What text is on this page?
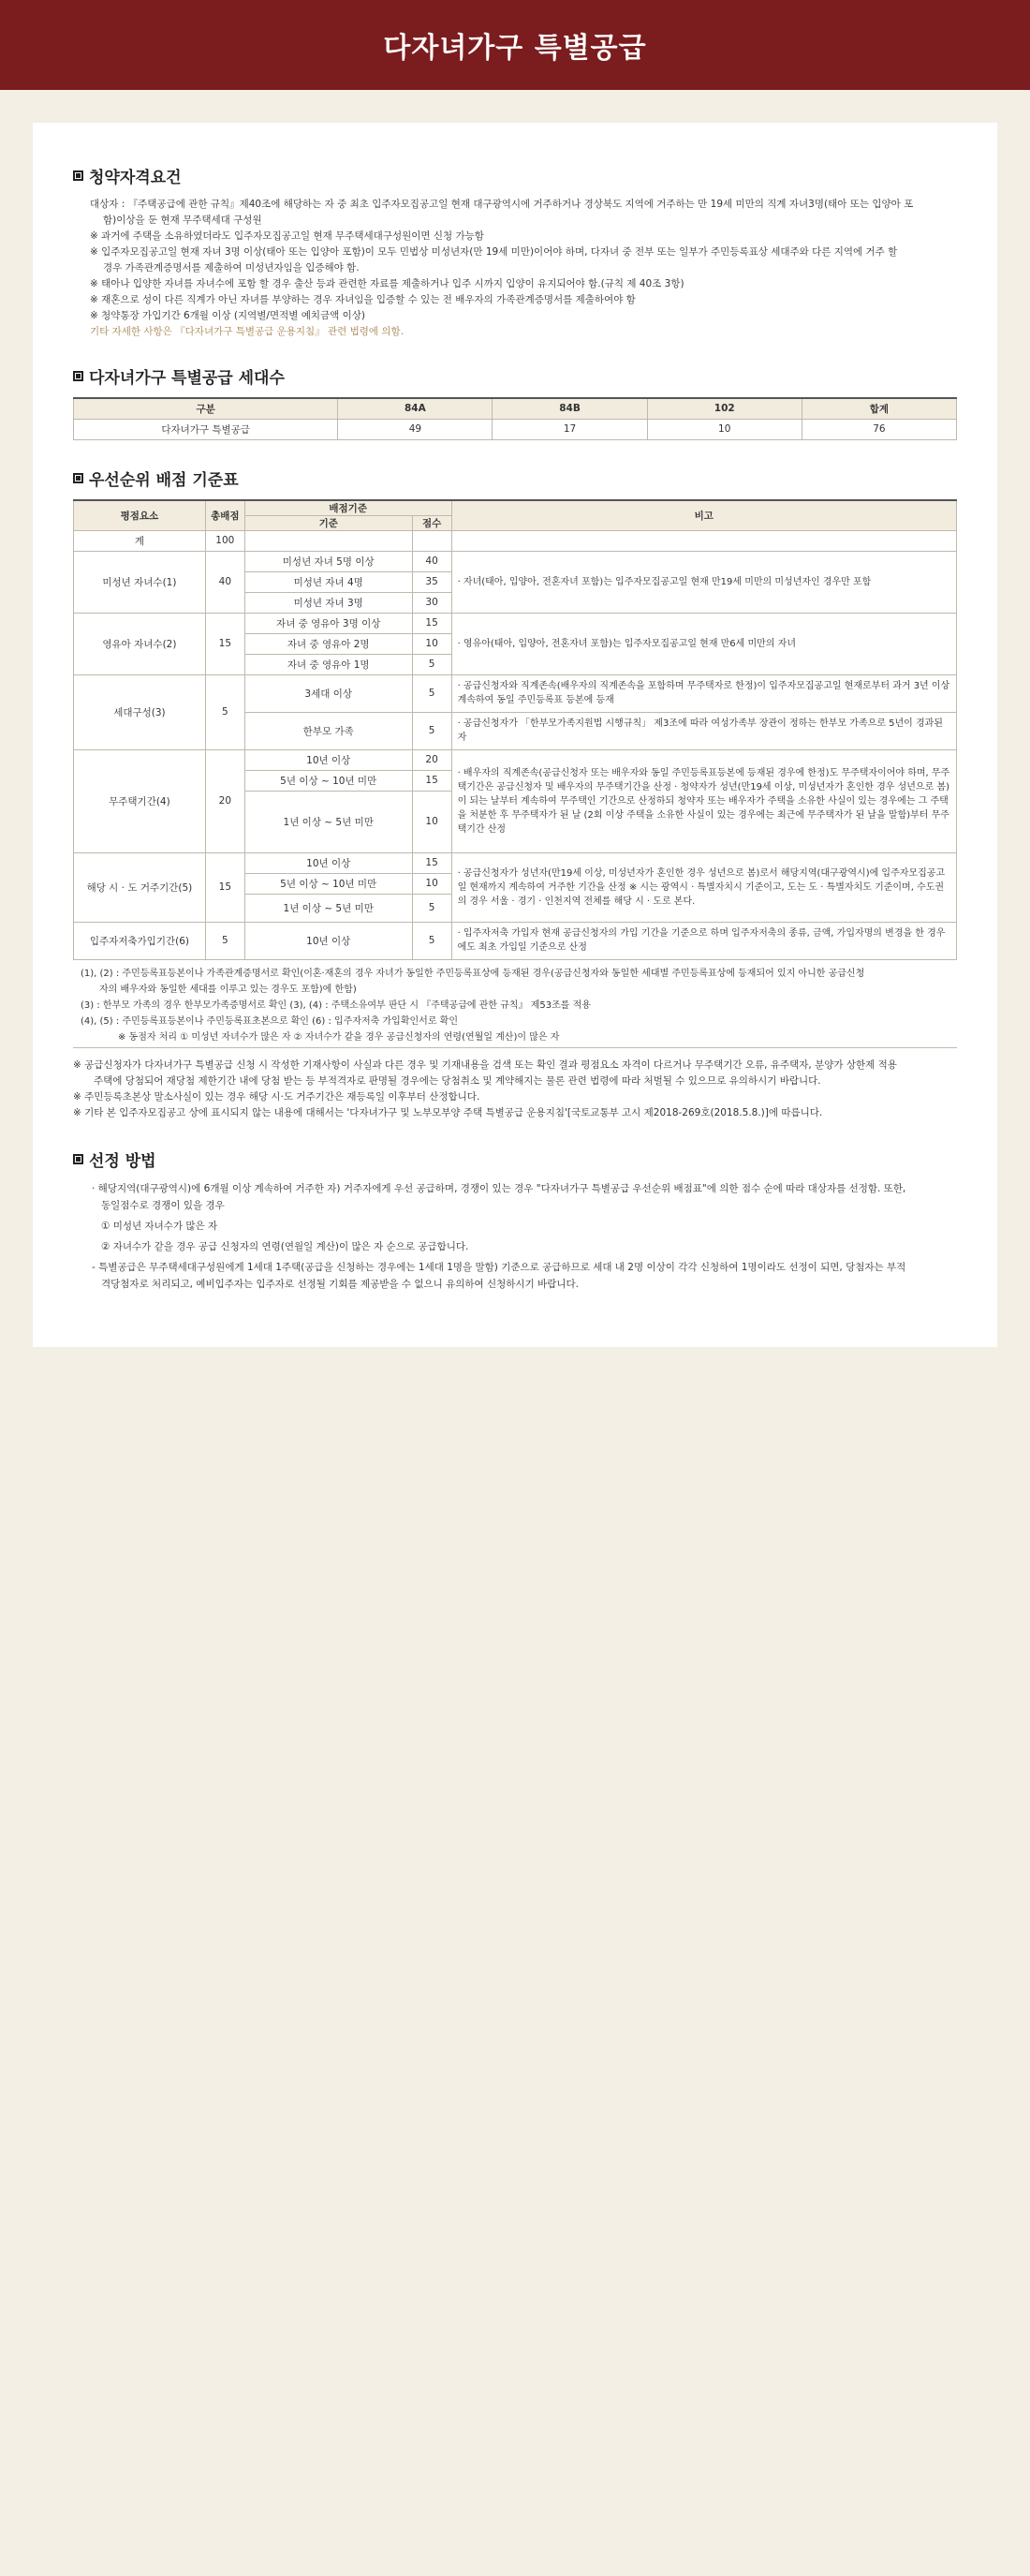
다자녀가구 특별공급
청약자격요건
대상자 : 『주택공급에 관한 규칙』제40조에 해당하는 자 중 최초 입주자모집공고일 현재 대구광역시에 거주하거나 경상북도 지역에 거주하는 만 19세 미만의 직계 자녀3명(태아 또는 입양아 포
함)이상을 둔 현재 무주택세대 구성원
※ 과거에 주택을 소유하였더라도 입주자모집공고일 현재 무주택세대구성원이면 신청 가능함
※ 입주자모집공고일 현재 자녀 3명 이상(태아 또는 입양아 포함)이 모두 민법상 미성년자(만 19세 미만)이어야 하며, 다자녀 중 전부 또는 일부가 주민등록표상 세대주와 다른 지역에 거주 할
경우 가족관계증명서를 제출하여 미성년자임을 입증해야 함.
※ 태아나 입양한 자녀를 자녀수에 포함 할 경우 출산 등과 관련한 자료를 제출하거나 입주 시까지 입양이 유지되어야 함.(규칙 제 40조 3항)
※ 재혼으로 성이 다른 직계가 아닌 자녀를 부양하는 경우 자녀임을 입증할 수 있는 전 배우자의 가족관계증명서를 제출하여야 함
※ 청약통장 가입기간 6개월 이상 (지역별/면적별 예치금액 이상)
기타 자세한 사항은 『다자녀가구 특별공급 운용지침』 관련 법령에 의함.
다자녀가구 특별공급 세대수
구분	84A	84B	102	합계
다자녀가구 특별공급	49	17	10	76
우선순위 배점 기준표
평점요소	총배점	배점기준		비고
		기준	점수	
계	100			
미성년 자녀수(1)	40	미성년 자녀 5명 이상	40	· 자녀(태아, 입양아, 전혼자녀 포함)는 입주자모집공고일 현재 만19세 미만의 미성년자인 경우만 포함
		미성년 자녀 4명	35	
		미성년 자녀 3명	30	
영유아 자녀수(2)	15	자녀 중 영유아 3명 이상	15	· 영유아(태아, 입양아, 전혼자녀 포함)는 입주자모집공고일 현재 만6세 미만의 자녀
		자녀 중 영유아 2명	10	
		자녀 중 영유아 1명	5	
세대구성(3)	5	3세대 이상	5	· 공급신청자와 직계존속(배우자의 직계존속을 포함하며 무주택자로 한정)이 입주자모집공고일 현재로부터 과거 3년 이상 계속하여 동일 주민등록표 등본에 등재
		한부모 가족	5	· 공급신청자가 「한부모가족지원법 시행규칙」 제3조에 따라 여성가족부 장관이 정하는 한부모 가족으로 5년이 경과된 자
무주택기간(4)	20	10년 이상	20	· 배우자의 직계존속(공급신청자 또는 배우자와 동일 주민등록표등본에 등재된 경우에 한정)도 무주택자이어야 하며, 무주택기간은 공급신청자 및 배우자의 무주택기간을 산정 · 청약자가 성년(만19세 이상, 미성년자가 혼인한 경우 성년으로 봄)이 되는 날부터 계속하여 무주택인 기간으로 산정하되 청약자 또는 배우자가 주택을 소유한 사실이 있는 경우에는 그 주택을 처분한 후 무주택자가 된 날 (2회 이상 주택을 소유한 사실이 있는 경우에는 최근에 무주택자가 된 날을 말함)부터 무주택기간 산정
		5년 이상 ~ 10년 미만	15	
		1년 이상 ~ 5년 미만	10	
해당 시 · 도 거주기간(5)	15	10년 이상	15	· 공급신청자가 성년자(만19세 이상, 미성년자가 혼인한 경우 성년으로 봄)로서 해당지역(대구광역시)에 입주자모집공고일 현재까지 계속하여 거주한 기간을 산정 ※ 시는 광역시 · 특별자치시 기준이고, 도는 도 · 특별자치도 기준이며, 수도권의 경우 서울 · 경기 · 인천지역 전체를 해당 시 · 도로 본다.
		5년 이상 ~ 10년 미만	10	
		1년 이상 ~ 5년 미만	5	
입주자저축가입기간(6)	5	10년 이상	5	· 입주자저축 가입자 현재 공급신청자의 가입 기간을 기준으로 하며 입주자저축의 종류, 금액, 가입자명의 변경을 한 경우에도 최초 가입일 기준으로 산정
(1), (2) : 주민등록표등본이나 가족관계증명서로 확인(이혼·재혼의 경우 자녀가 동일한 주민등록표상에 등재된 경우(공급신청자와 동일한 세대별 주민등록표상에 등재되어 있지 아니한 공급신청
자의 배우자와 동일한 세대를 이루고 있는 경우도 포함)에 한함)
(3) : 한부모 가족의 경우 한부모가족증명서로 확인 (3), (4) : 주택소유여부 판단 시 『주택공급에 관한 규칙』 제53조를 적용
(4), (5) : 주민등록표등본이나 주민등록표초본으로 확인 (6) : 입주자저축 가입확인서로 확인
※ 동점자 처리 ① 미성년 자녀수가 많은 자 ② 자녀수가 같을 경우 공급신청자의 연령(연월일 계산)이 많은 자
※ 공급신청자가 다자녀가구 특별공급 신청 시 작성한 기재사항이 사실과 다른 경우 및 기재내용을 검색 또는 확인 결과 평점요소 자격이 다르거나 무주택기간 오류, 유주택자, 분양가 상한제 적용
주택에 당첨되어 재당첨 제한기간 내에 당첨 받는 등 부적격자로 판명될 경우에는 당첨취소 및 계약해지는 물론 관련 법령에 따라 처벌될 수 있으므로 유의하시기 바랍니다.
※ 주민등록초본상 말소사실이 있는 경우 해당 시·도 거주기간은 재등록일 이후부터 산정합니다.
※ 기타 본 입주자모집공고 상에 표시되지 않는 내용에 대해서는 '다자녀가구 및 노부모부양 주택 특별공급 운용지침'[국토교통부 고시 제2018-269호(2018.5.8.)]에 따릅니다.
선정 방법
· 해당지역(대구광역시)에 6개월 이상 계속하여 거주한 자) 거주자에게 우선 공급하며, 경쟁이 있는 경우 "다자녀가구 특별공급 우선순위 배점표"에 의한 점수 순에 따라 대상자를 선정함. 또한,
동일점수로 경쟁이 있을 경우
① 미성년 자녀수가 많은 자
② 자녀수가 같을 경우 공급 신청자의 연령(연월일 계산)이 많은 자 순으로 공급합니다.
- 특별공급은 무주택세대구성원에게 1세대 1주택(공급을 신청하는 경우에는 1세대 1명을 말함) 기준으로 공급하므로 세대 내 2명 이상이 각각 신청하여 1명이라도 선정이 되면, 당첨자는 부적
격당첨자로 처리되고, 예비입주자는 입주자로 선정될 기회를 제공받을 수 없으니 유의하여 신청하시기 바랍니다.
